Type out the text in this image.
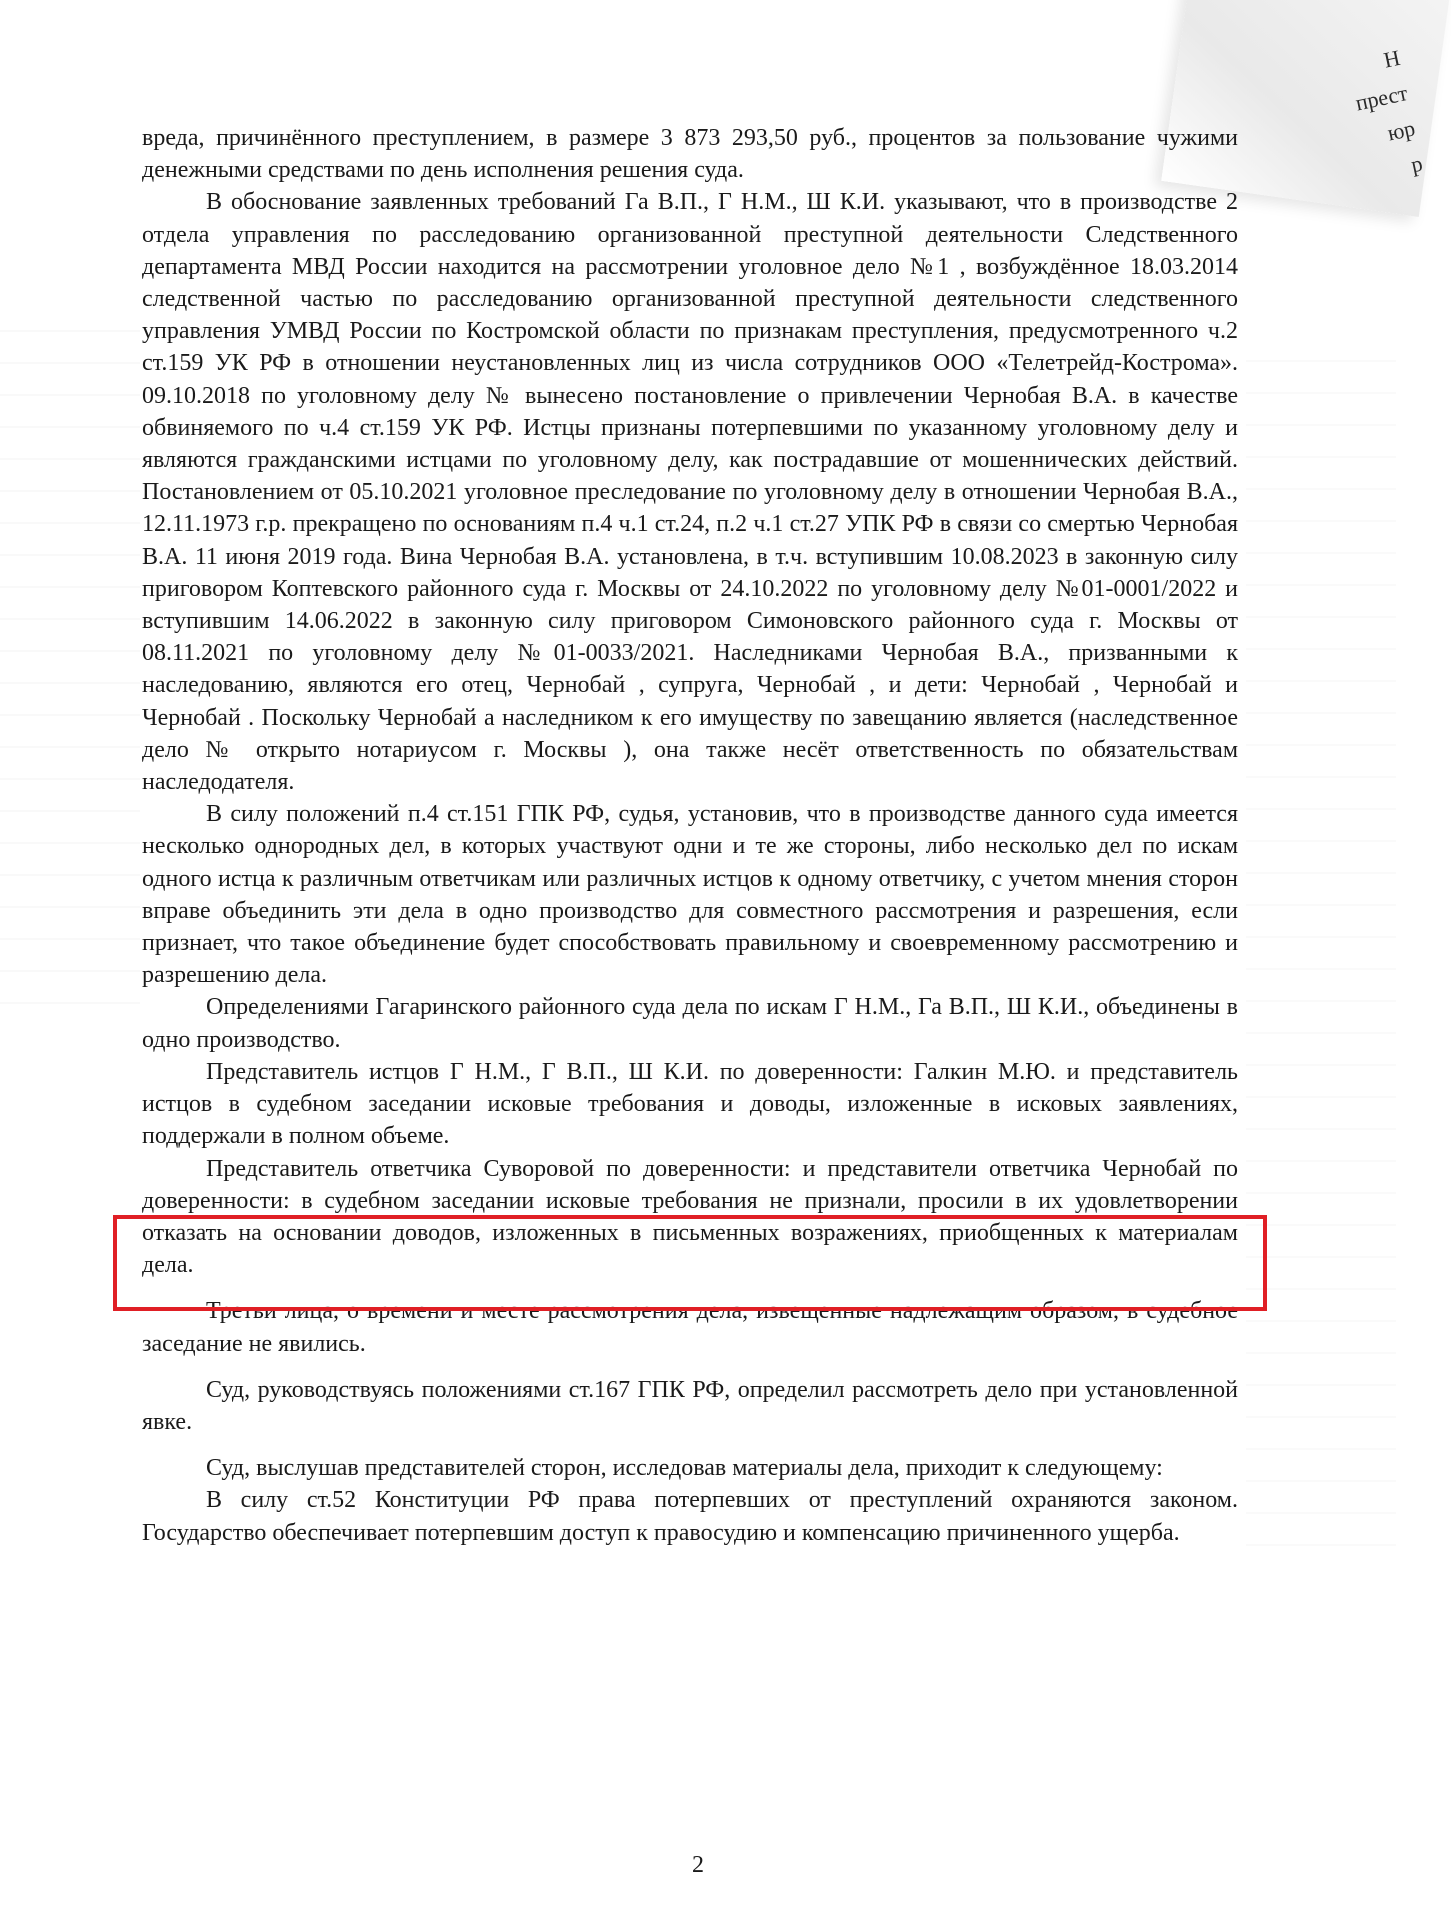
Н
прест
юр
р

вреда, причинённого преступлением, в размере 3 873 293,50 руб., процентов за пользование чужими денежными средствами по день исполнения решения суда.

В обоснование заявленных требований Га В.П., Г Н.М., Ш К.И. указывают, что в производстве 2 отдела управления по расследованию организованной преступной деятельности Следственного департамента МВД России находится на рассмотрении уголовное дело №1 , возбуждённое 18.03.2014 следственной частью по расследованию организованной преступной деятельности следственного управления УМВД России по Костромской области по признакам преступления, предусмотренного ч.2 ст.159 УК РФ в отношении неустановленных лиц из числа сотрудников ООО «Телетрейд-Кострома». 09.10.2018 по уголовному делу № вынесено постановление о привлечении Чернобая В.А. в качестве обвиняемого по ч.4 ст.159 УК РФ. Истцы признаны потерпевшими по указанному уголовному делу и являются гражданскими истцами по уголовному делу, как пострадавшие от мошеннических действий. Постановлением от 05.10.2021 уголовное преследование по уголовному делу в отношении Чернобая В.А., 12.11.1973 г.р. прекращено по основаниям п.4 ч.1 ст.24, п.2 ч.1 ст.27 УПК РФ в связи со смертью Чернобая В.А. 11 июня 2019 года. Вина Чернобая В.А. установлена, в т.ч. вступившим 10.08.2023 в законную силу приговором Коптевского районного суда г. Москвы от 24.10.2022 по уголовному делу №01-0001/2022 и вступившим 14.06.2022 в законную силу приговором Симоновского районного суда г. Москвы от 08.11.2021 по уголовному делу №01-0033/2021. Наследниками Чернобая В.А., призванными к наследованию, являются его отец, Чернобай , супруга, Чернобай , и дети: Чернобай , Чернобай и Чернобай . Поскольку Чернобай а наследником к его имуществу по завещанию является (наследственное дело № открыто нотариусом г. Москвы ), она также несёт ответственность по обязательствам наследодателя.

В силу положений п.4 ст.151 ГПК РФ, судья, установив, что в производстве данного суда имеется несколько однородных дел, в которых участвуют одни и те же стороны, либо несколько дел по искам одного истца к различным ответчикам или различных истцов к одному ответчику, с учетом мнения сторон вправе объединить эти дела в одно производство для совместного рассмотрения и разрешения, если признает, что такое объединение будет способствовать правильному и своевременному рассмотрению и разрешению дела.

Определениями Гагаринского районного суда дела по искам Г Н.М., Га В.П., Ш К.И., объединены в одно производство.

Представитель истцов Г Н.М., Г В.П., Ш К.И. по доверенности: Галкин М.Ю. и представитель истцов в судебном заседании исковые требования и доводы, изложенные в исковых заявлениях, поддержали в полном объеме.

Представитель ответчика Суворовой по доверенности: и представители ответчика Чернобай по доверенности: в судебном заседании исковые требования не признали, просили в их удовлетворении отказать на основании доводов, изложенных в письменных возражениях, приобщенных к материалам дела.

Третьи лица, о времени и месте рассмотрения дела, извещенные надлежащим образом, в судебное заседание не явились.

Суд, руководствуясь положениями ст.167 ГПК РФ, определил рассмотреть дело при установленной явке.

Суд, выслушав представителей сторон, исследовав материалы дела, приходит к следующему:

В силу ст.52 Конституции РФ права потерпевших от преступлений охраняются законом. Государство обеспечивает потерпевшим доступ к правосудию и компенсацию причиненного ущерба.

2
